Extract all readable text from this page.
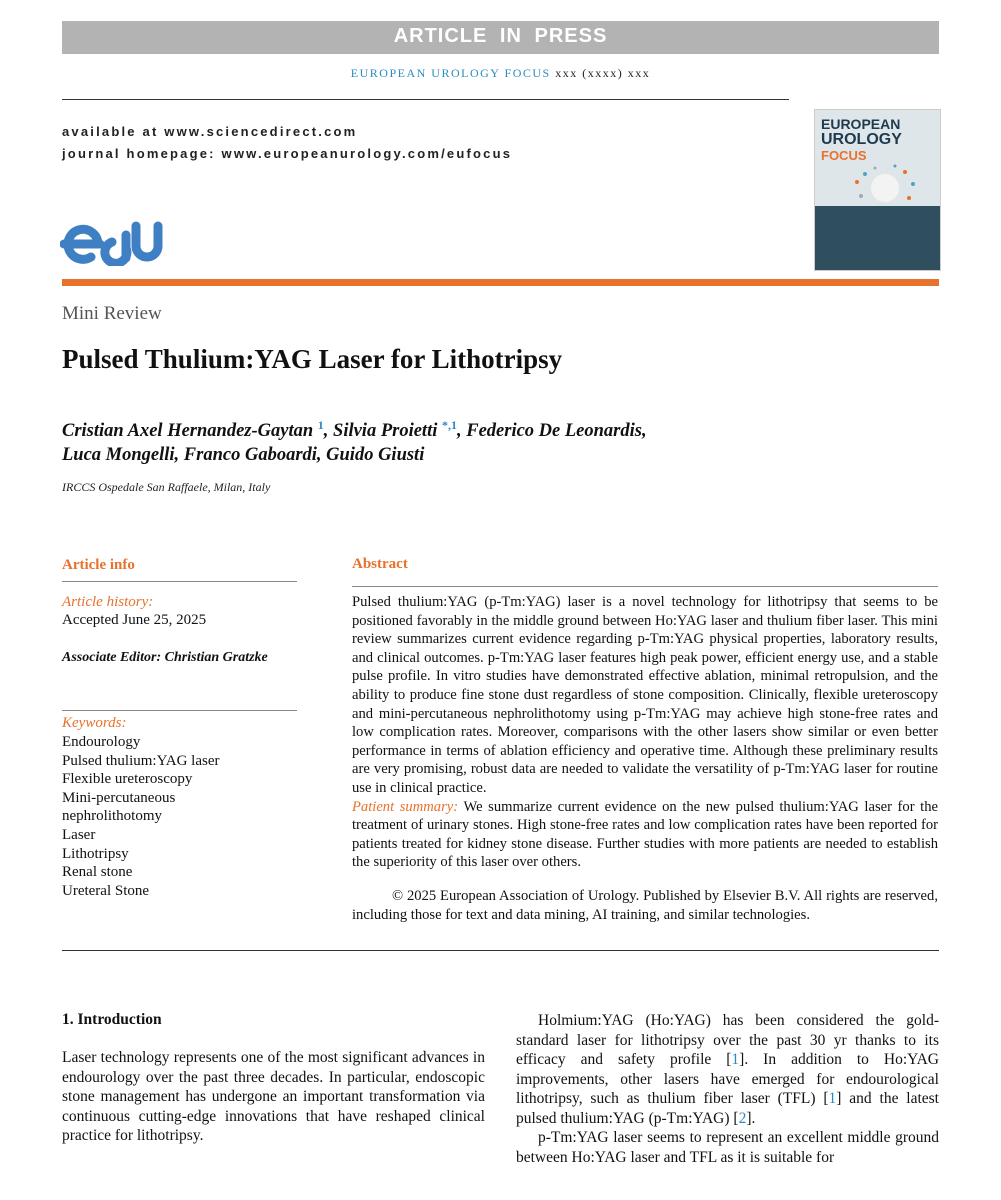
ARTICLE IN PRESS
EUROPEAN UROLOGY FOCUS xxx (xxxx) xxx
available at www.sciencedirect.com
journal homepage: www.europeanurology.com/eufocus
EUROPEAN
UROLOGY
FOCUS
Mini Review
Pulsed Thulium:YAG Laser for Lithotripsy
Cristian Axel Hernandez-Gaytan $^1$, Silvia Proietti $^{*,1}$, Federico De Leonardis,
Luca Mongelli, Franco Gaboardi, Guido Giusti
IRCCS Ospedale San Raffaele, Milan, Italy
Article info
Article history:
Accepted June 25, 2025
Associate Editor: Christian Gratzke
Keywords:
Endourology
Pulsed thulium:YAG laser
Flexible ureteroscopy
Mini-percutaneous
nephrolithotomy
Laser
Lithotripsy
Renal stone
Ureteral Stone
Abstract

Pulsed thulium:YAG (p-Tm:YAG) laser is a novel technology for lithotripsy that seems to be positioned favorably in the middle ground between Ho:YAG laser and thulium fiber laser. This mini review summarizes current evidence regarding p-Tm:YAG physical properties, laboratory results, and clinical outcomes. p-Tm:YAG laser features high peak power, efficient energy use, and a stable pulse profile. In vitro studies have demonstrated effective ablation, minimal retropulsion, and the ability to produce fine stone dust regardless of stone composition. Clinically, flexible ureteroscopy and mini-percutaneous nephrolithotomy using p-Tm:YAG may achieve high stone-free rates and low complication rates. Moreover, comparisons with the other lasers show similar or even better performance in terms of ablation efficiency and operative time. Although these preliminary results are very promising, robust data are needed to validate the versatility of p-Tm:YAG laser for routine use in clinical practice.
Patient summary: We summarize current evidence on the new pulsed thulium:YAG laser for the treatment of urinary stones. High stone-free rates and low complication rates have been reported for patients treated for kidney stone disease. Further studies with more patients are needed to establish the superiority of this laser over others.

© 2025 European Association of Urology. Published by Elsevier B.V. All rights are reserved, including those for text and data mining, AI training, and similar technologies.

1. Introduction

Laser technology represents one of the most significant advances in endourology over the past three decades. In particular, endoscopic stone management has undergone an important transformation via continuous cutting-edge innovations that have reshaped clinical practice for lithotripsy.

Holmium:YAG (Ho:YAG) has been considered the gold-standard laser for lithotripsy over the past 30 yr thanks to its efficacy and safety profile [1]. In addition to Ho:YAG improvements, other lasers have emerged for endourological lithotripsy, such as thulium fiber laser (TFL) [1] and the latest pulsed thulium:YAG (p-Tm:YAG) [2].

p-Tm:YAG laser seems to represent an excellent middle ground between Ho:YAG laser and TFL as it is suitable for
